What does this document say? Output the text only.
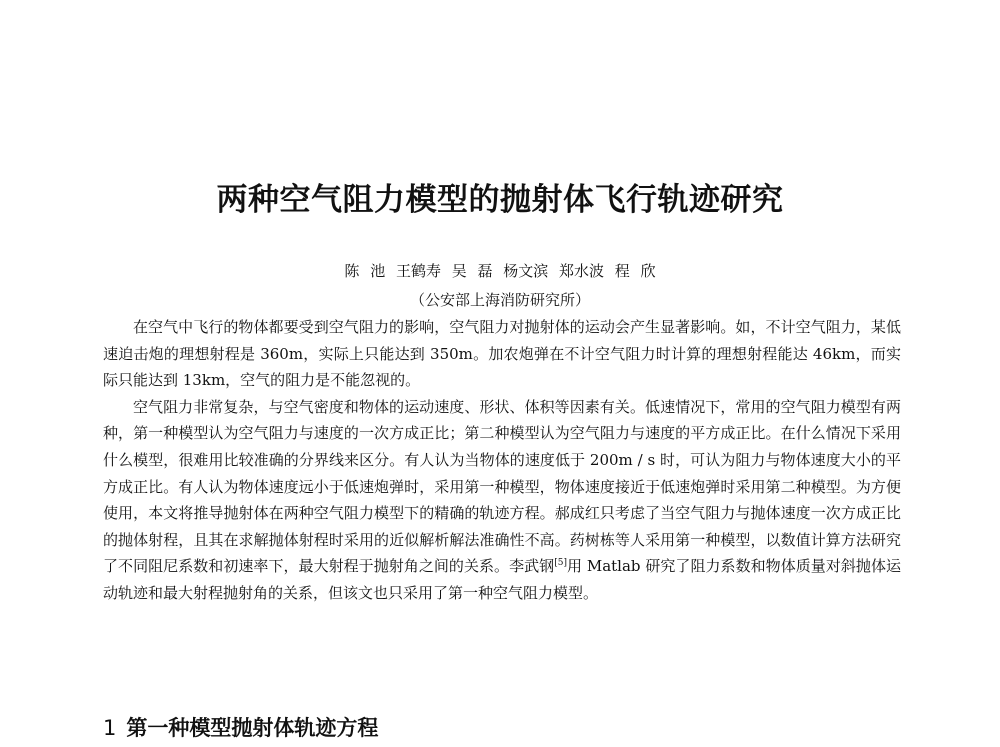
两种空气阻力模型的抛射体飞行轨迹研究
陈 池 王鹤寿 吴 磊 杨文滨 郑水波 程 欣
（公安部上海消防研究所）

在空气中飞行的物体都要受到空气阻力的影响，空气阻力对抛射体的运动会产生显著影响。如，不计空气阻力，某低速迫击炮的理想射程是 360m，实际上只能达到 350m。加农炮弹在不计空气阻力时计算的理想射程能达 46km，而实际只能达到 13km，空气的阻力是不能忽视的。

空气阻力非常复杂，与空气密度和物体的运动速度、形状、体积等因素有关。低速情况下，常用的空气阻力模型有两种，第一种模型认为空气阻力与速度的一次方成正比；第二种模型认为空气阻力与速度的平方成正比。在什么情况下采用什么模型，很难用比较准确的分界线来区分。有人认为当物体的速度低于 200m / s 时，可认为阻力与物体速度大小的平方成正比。有人认为物体速度远小于低速炮弹时，采用第一种模型，物体速度接近于低速炮弹时采用第二种模型。为方便使用，本文将推导抛射体在两种空气阻力模型下的精确的轨迹方程。郝成红只考虑了当空气阻力与抛体速度一次方成正比的抛体射程，且其在求解抛体射程时采用的近似解析解法准确性不高。药树栋等人采用第一种模型，以数值计算方法研究了不同阻尼系数和初速率下，最大射程于抛射角之间的关系。李武钢[5]用 Matlab 研究了阻力系数和物体质量对斜抛体运动轨迹和最大射程抛射角的关系，但该文也只采用了第一种空气阻力模型。

1 第一种模型抛射体轨迹方程
